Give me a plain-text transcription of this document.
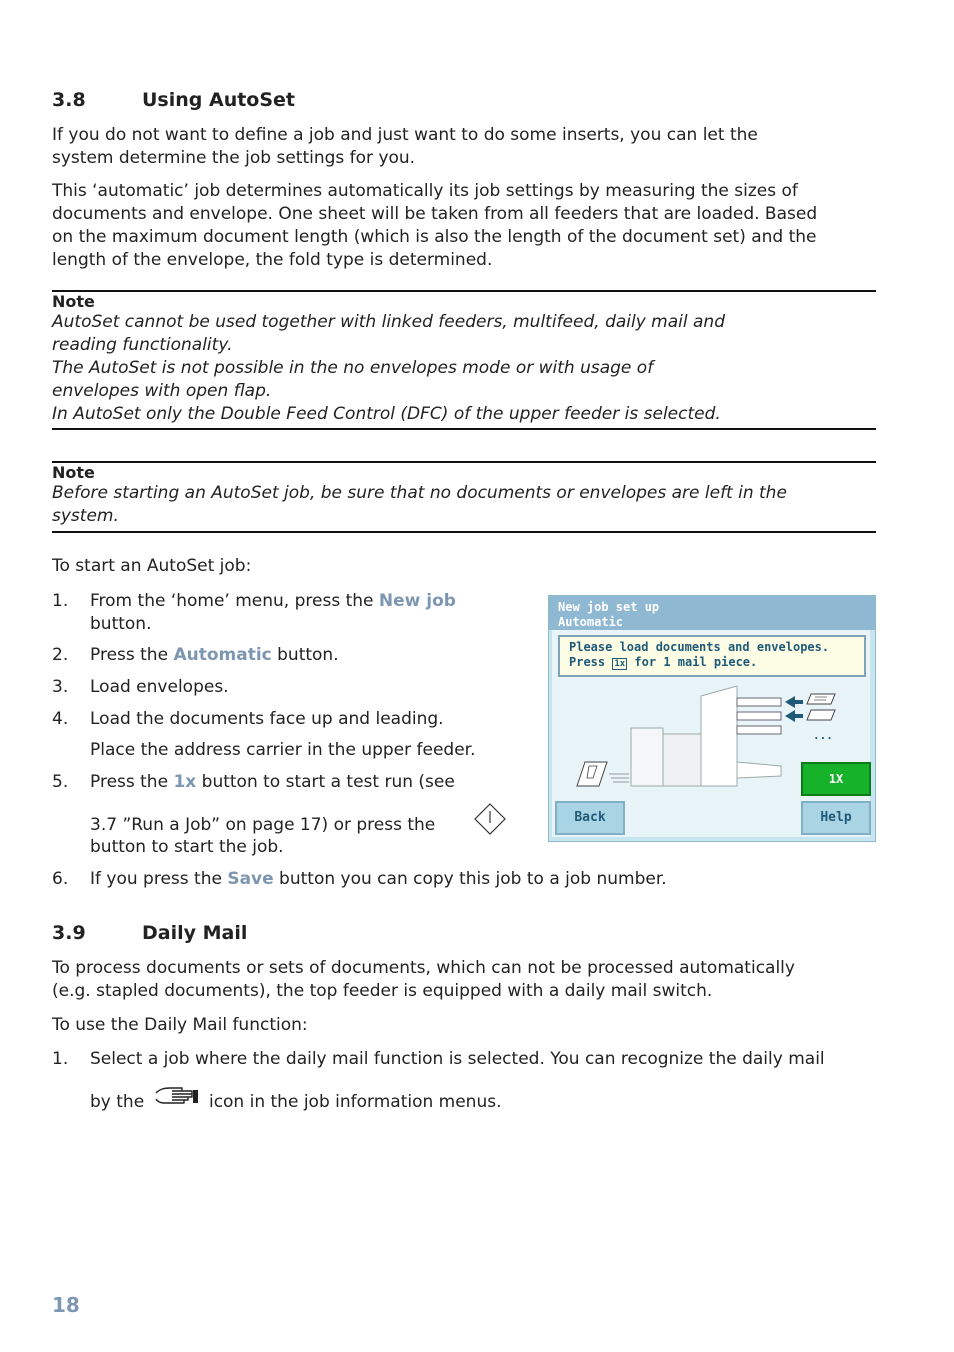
3.8	Using AutoSet

If you do not want to define a job and just want to do some inserts, you can let the

system determine the job settings for you.

This ‘automatic’ job determines automatically its job settings by measuring the sizes of

documents and envelope. One sheet will be taken from all feeders that are loaded. Based

on the maximum document length (which is also the length of the document set) and the

length of the envelope, the fold type is determined.

Note

AutoSet cannot be used together with linked feeders, multifeed, daily mail and

reading functionality.

The AutoSet is not possible in the no envelopes mode or with usage of

envelopes with open flap.

In AutoSet only the Double Feed Control (DFC) of the upper feeder is selected.

Note

Before starting an AutoSet job, be sure that no documents or envelopes are left in the

system.

To start an AutoSet job:
1. From the ‘home’ menu, press the New job

button.

2. Press the Automatic button.
3. Load envelopes.
4. Load the documents face up and leading.
Place the address carrier in the upper feeder.
5. Press the 1x button to start a test run (see
3.7 ”Run a Job” on page 17) or press the
button to start the job.
6. If you press the Save button you can copy this job to a job number.
New job set up
Automatic
Please load documents and envelopes.
Press 1x for 1 mail piece.
...
1X
Back	Help
3.9	Daily Mail

To process documents or sets of documents, which can not be processed automatically

(e.g. stapled documents), the top feeder is equipped with a daily mail switch.

To use the Daily Mail function:
1. Select a job where the daily mail function is selected. You can recognize the daily mail
by the	icon in the job information menus.
18
